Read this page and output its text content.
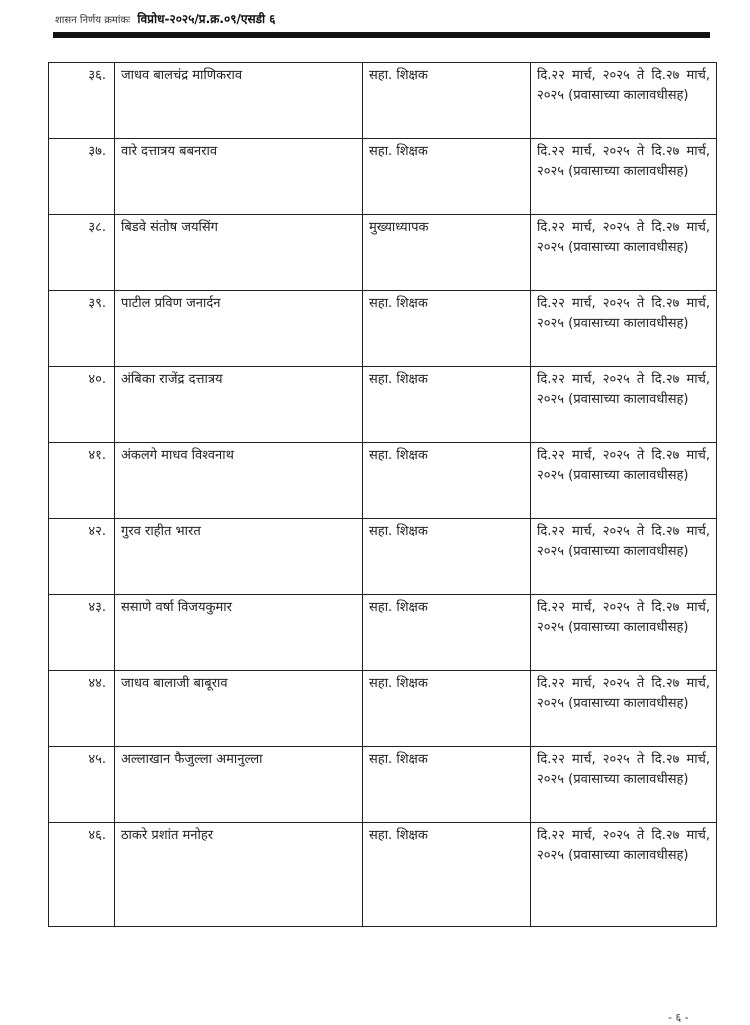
शासन निर्णय क्रमांकः विप्रोध-२०२५/प्र.क्र.०९/एसडी ६
३६.	जाधव बालचंद्र माणिकराव	सहा. शिक्षक	दि.२२ मार्च, २०२५ ते दि.२७ मार्च, २०२५ (प्रवासाच्या कालावधीसह)
३७.	वारे दत्तात्रय बबनराव	सहा. शिक्षक	दि.२२ मार्च, २०२५ ते दि.२७ मार्च, २०२५ (प्रवासाच्या कालावधीसह)
३८.	बिडवे संतोष जयसिंग	मुख्याध्यापक	दि.२२ मार्च, २०२५ ते दि.२७ मार्च, २०२५ (प्रवासाच्या कालावधीसह)
३९.	पाटील प्रविण जनार्दन	सहा. शिक्षक	दि.२२ मार्च, २०२५ ते दि.२७ मार्च, २०२५ (प्रवासाच्या कालावधीसह)
४०.	अंबिका राजेंद्र दत्तात्रय	सहा. शिक्षक	दि.२२ मार्च, २०२५ ते दि.२७ मार्च, २०२५ (प्रवासाच्या कालावधीसह)
४१.	अंकलगे माधव विश्वनाथ	सहा. शिक्षक	दि.२२ मार्च, २०२५ ते दि.२७ मार्च, २०२५ (प्रवासाच्या कालावधीसह)
४२.	गुरव राहीत भारत	सहा. शिक्षक	दि.२२ मार्च, २०२५ ते दि.२७ मार्च, २०२५ (प्रवासाच्या कालावधीसह)
४३.	ससाणे वर्षा विजयकुमार	सहा. शिक्षक	दि.२२ मार्च, २०२५ ते दि.२७ मार्च, २०२५ (प्रवासाच्या कालावधीसह)
४४.	जाधव बालाजी बाबूराव	सहा. शिक्षक	दि.२२ मार्च, २०२५ ते दि.२७ मार्च, २०२५ (प्रवासाच्या कालावधीसह)
४५.	अल्लाखान फैजुल्ला अमानुल्ला	सहा. शिक्षक	दि.२२ मार्च, २०२५ ते दि.२७ मार्च, २०२५ (प्रवासाच्या कालावधीसह)
४६.	ठाकरे प्रशांत मनोहर	सहा. शिक्षक	दि.२२ मार्च, २०२५ ते दि.२७ मार्च, २०२५ (प्रवासाच्या कालावधीसह)
- ६ -
